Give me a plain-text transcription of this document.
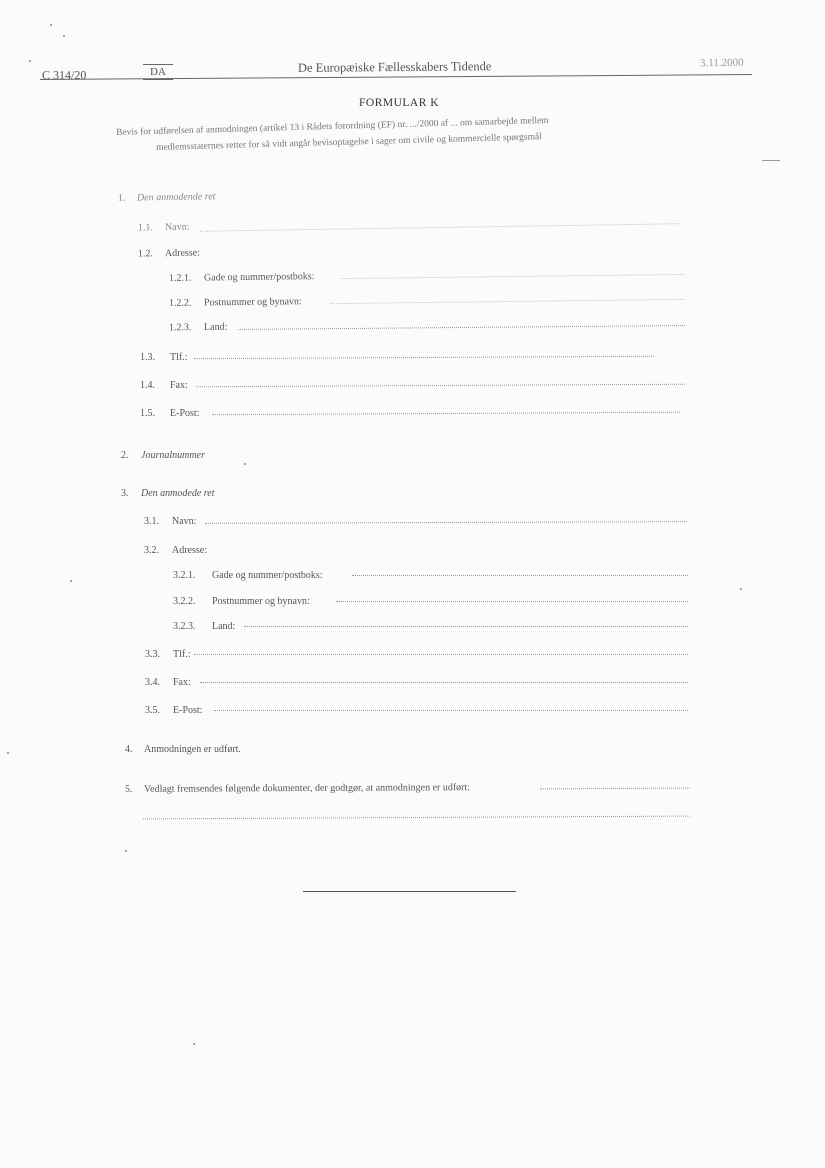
C 314/20	DA	De Europæiske Fællesskabers Tidende	3.11.2000
FORMULAR K
Bevis for udførelsen af anmodningen (artikel 13 i Rådets forordning (EF) nr. .../2000 af ... om samarbejde mellem
medlemsstaternes retter for så vidt angår bevisoptagelse i sager om civile og kommercielle spørgsmål
1.	Den anmodende ret
1.1.	Navn:
1.2.	Adresse:
1.2.1.	Gade og nummer/postboks:
1.2.2.	Postnummer og bynavn:
1.2.3.	Land:
1.3.	Tlf.:
1.4.	Fax:
1.5.	E-Post:
2.	Journalnummer
3.	Den anmodede ret
3.1.	Navn:
3.2.	Adresse:
3.2.1.	Gade og nummer/postboks:
3.2.2.	Postnummer og bynavn:
3.2.3.	Land:
3.3.	Tlf.:
3.4.	Fax:
3.5.	E-Post:
4.	Anmodningen er udført.
5.	Vedlagt fremsendes følgende dokumenter, der godtgør, at anmodningen er udført:
